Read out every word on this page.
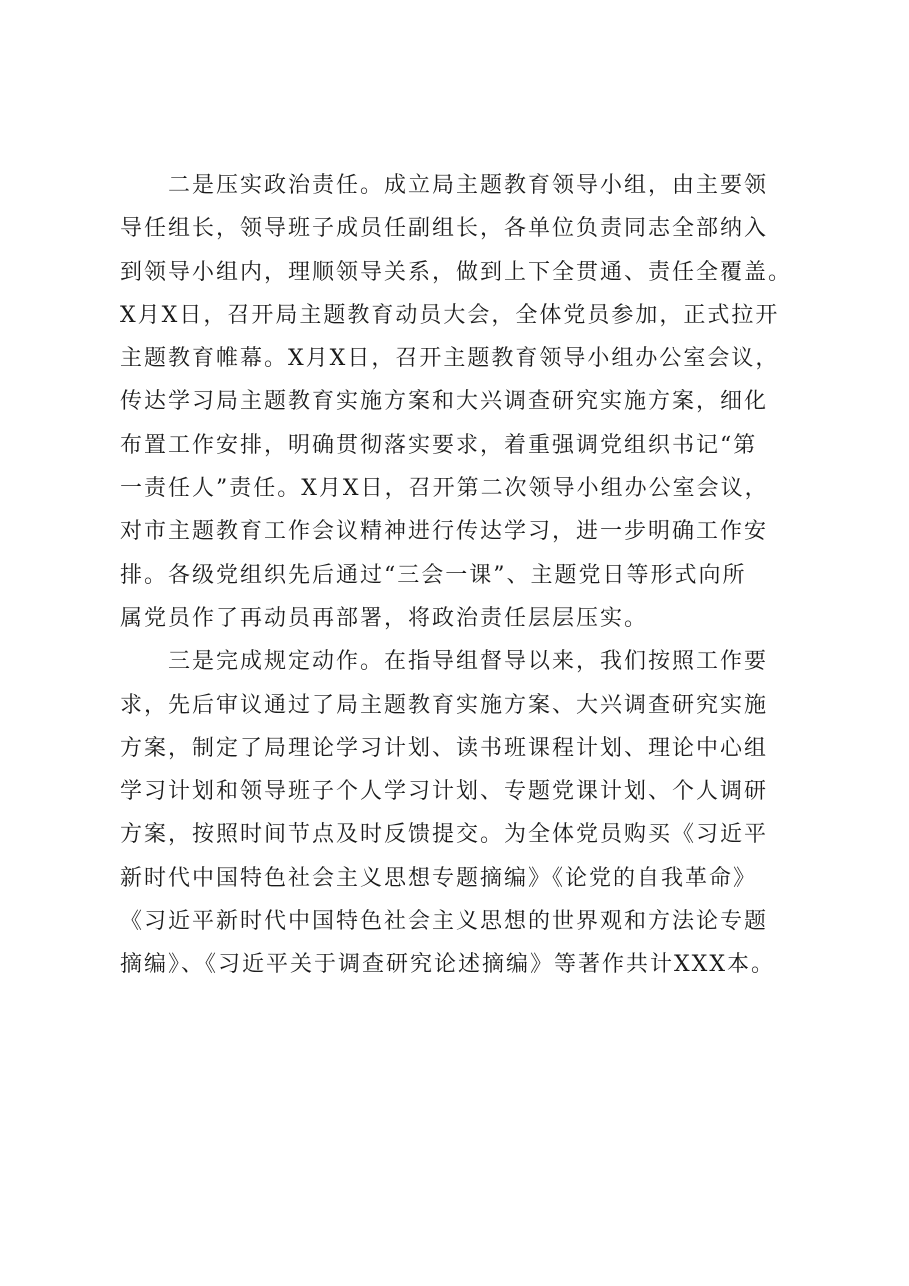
二是压实政治责任。成立局主题教育领导小组，由主要领
导任组长，领导班子成员任副组长，各单位负责同志全部纳入
到领导小组内，理顺领导关系，做到上下全贯通、责任全覆盖。
X月X日，召开局主题教育动员大会，全体党员参加，正式拉开
主题教育帷幕。X月X日，召开主题教育领导小组办公室会议，
传达学习局主题教育实施方案和大兴调查研究实施方案，细化
布置工作安排，明确贯彻落实要求，着重强调党组织书记“第
一责任人”责任。X月X日，召开第二次领导小组办公室会议，
对市主题教育工作会议精神进行传达学习，进一步明确工作安
排。各级党组织先后通过“三会一课”、主题党日等形式向所
属党员作了再动员再部署，将政治责任层层压实。
三是完成规定动作。在指导组督导以来，我们按照工作要
求，先后审议通过了局主题教育实施方案、大兴调查研究实施
方案，制定了局理论学习计划、读书班课程计划、理论中心组
学习计划和领导班子个人学习计划、专题党课计划、个人调研
方案，按照时间节点及时反馈提交。为全体党员购买《习近平
新时代中国特色社会主义思想专题摘编》《论党的自我革命》
《习近平新时代中国特色社会主义思想的世界观和方法论专题
摘编》、《习近平关于调查研究论述摘编》等著作共计XXX本。
